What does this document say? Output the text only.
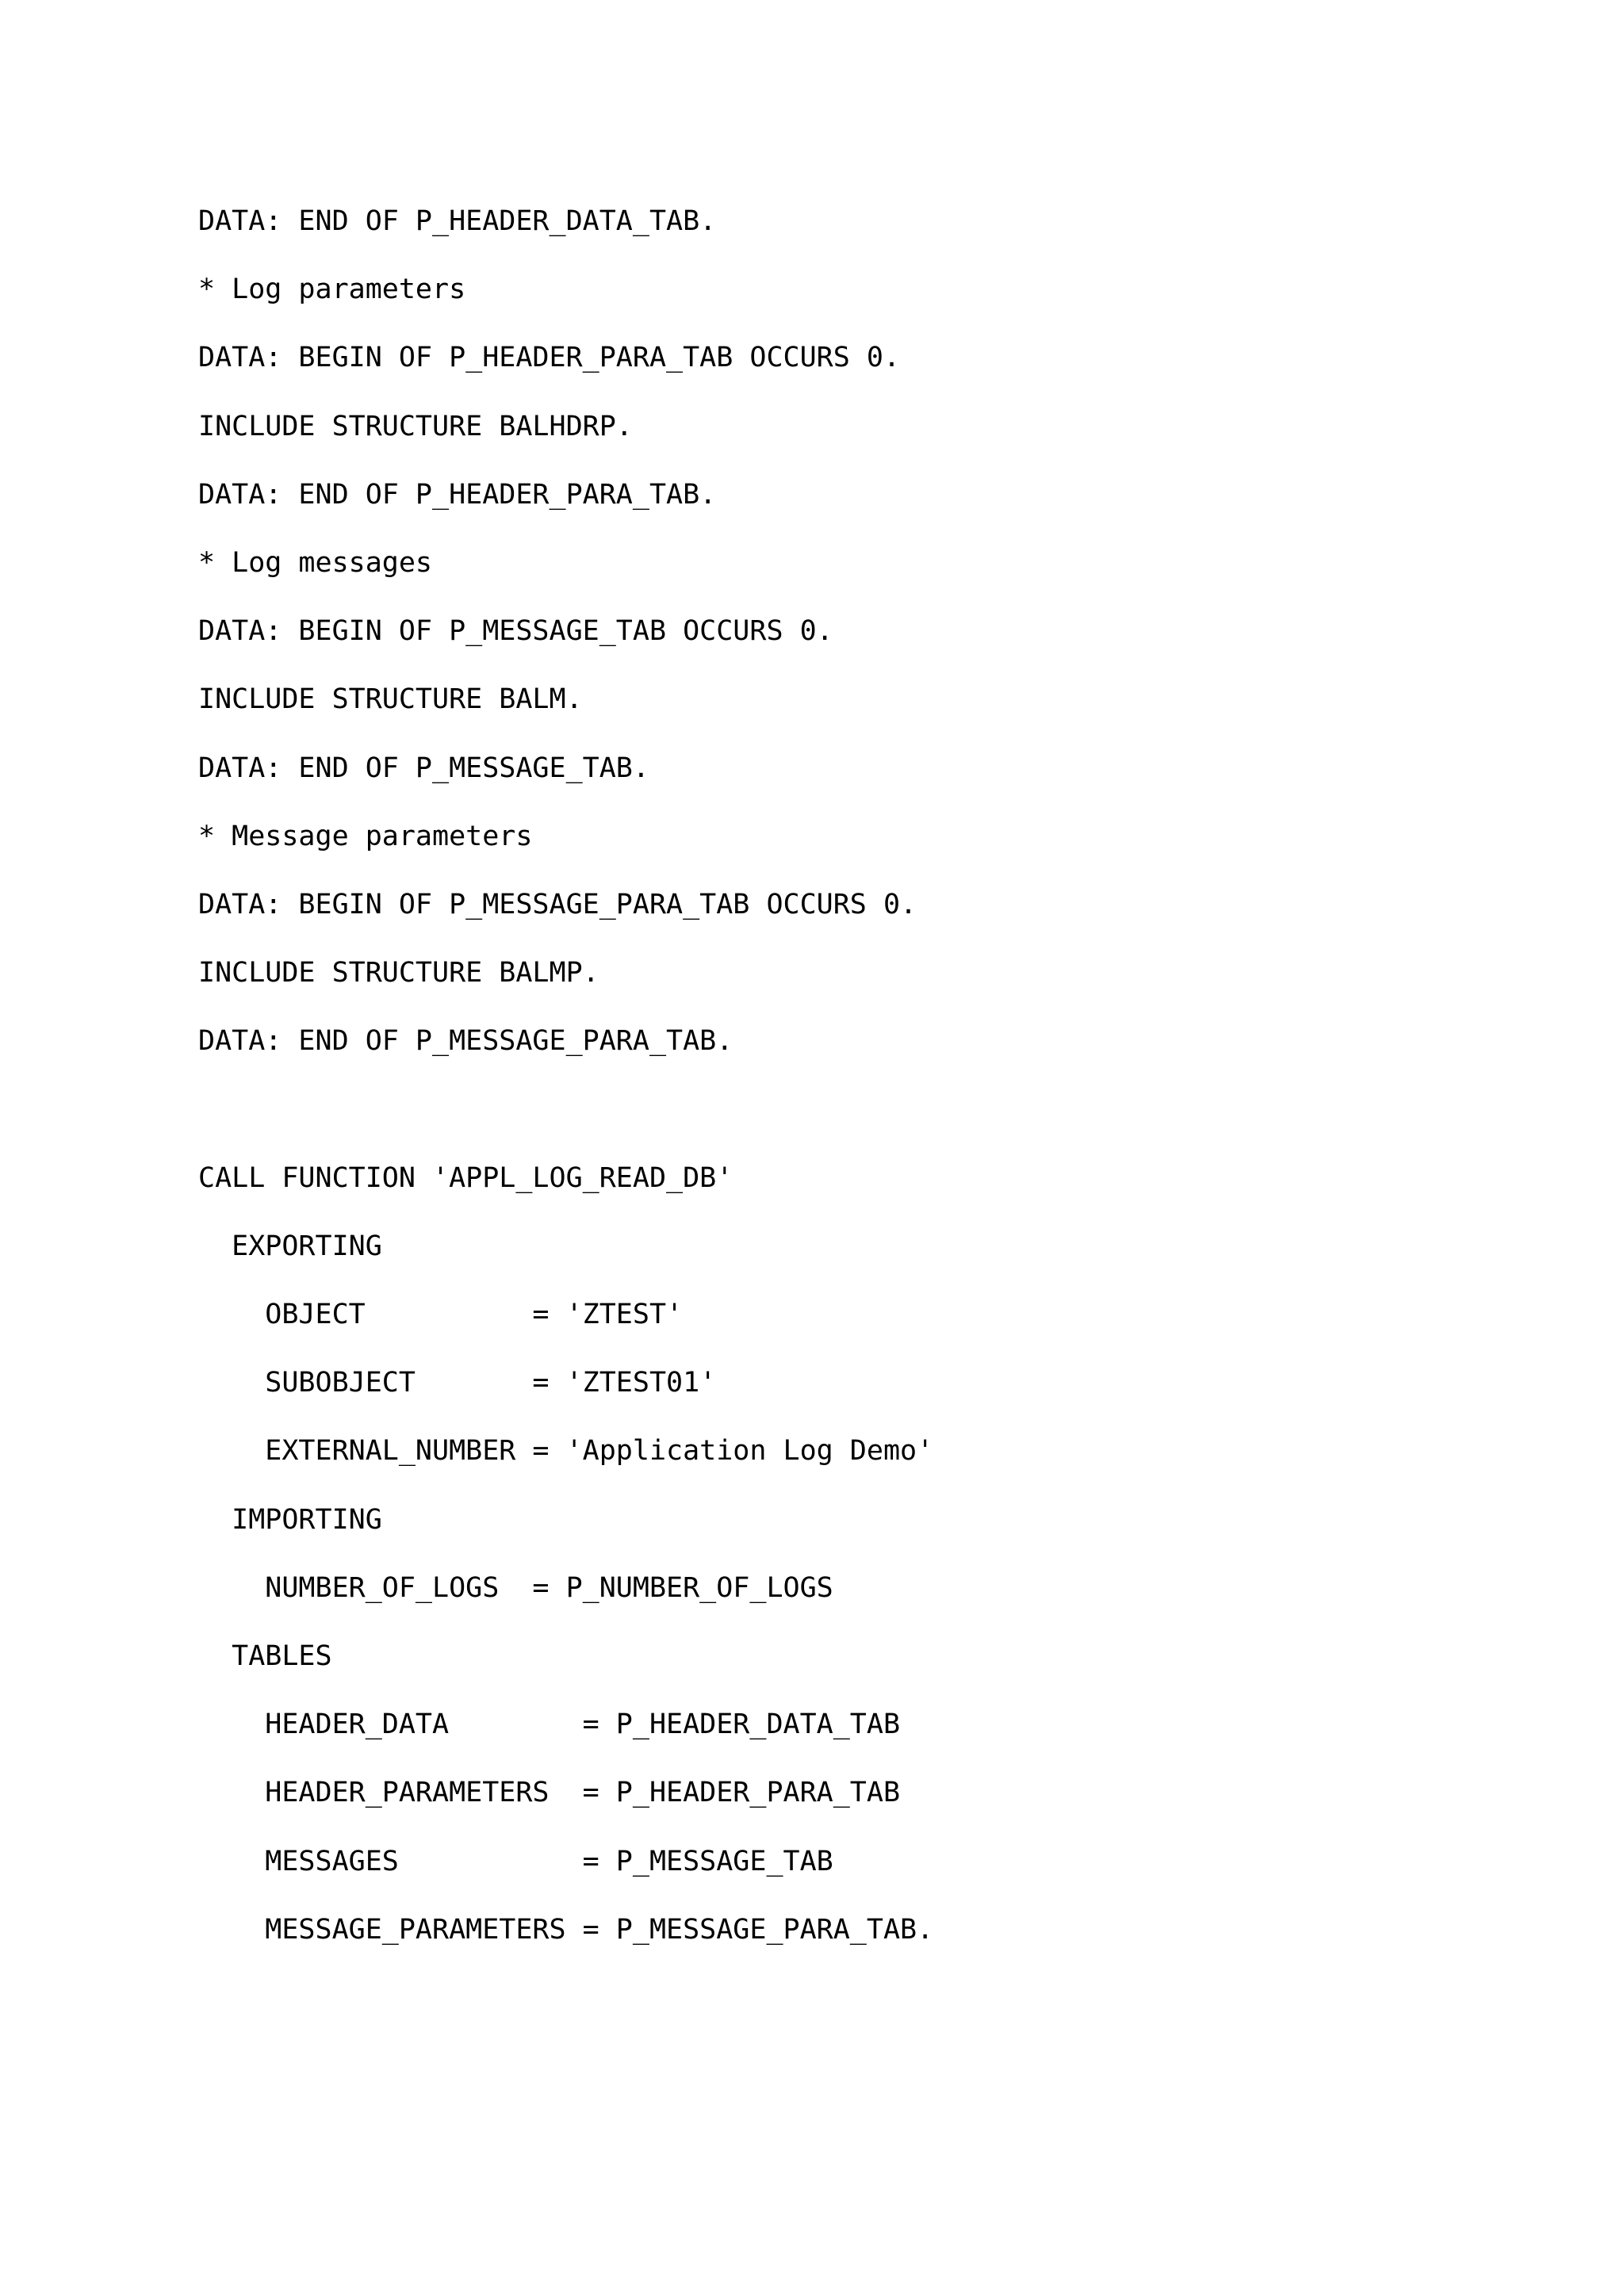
DATA: END OF P_HEADER_DATA_TAB.
* Log parameters
DATA: BEGIN OF P_HEADER_PARA_TAB OCCURS 0.
INCLUDE STRUCTURE BALHDRP.
DATA: END OF P_HEADER_PARA_TAB.
* Log messages
DATA: BEGIN OF P_MESSAGE_TAB OCCURS 0.
INCLUDE STRUCTURE BALM.
DATA: END OF P_MESSAGE_TAB.
* Message parameters
DATA: BEGIN OF P_MESSAGE_PARA_TAB OCCURS 0.
INCLUDE STRUCTURE BALMP.
DATA: END OF P_MESSAGE_PARA_TAB.
CALL FUNCTION 'APPL_LOG_READ_DB'
EXPORTING
OBJECT          = 'ZTEST'
SUBOBJECT       = 'ZTEST01'
EXTERNAL_NUMBER = 'Application Log Demo'
IMPORTING
NUMBER_OF_LOGS  = P_NUMBER_OF_LOGS
TABLES
HEADER_DATA        = P_HEADER_DATA_TAB
HEADER_PARAMETERS  = P_HEADER_PARA_TAB
MESSAGES           = P_MESSAGE_TAB
MESSAGE_PARAMETERS = P_MESSAGE_PARA_TAB.
